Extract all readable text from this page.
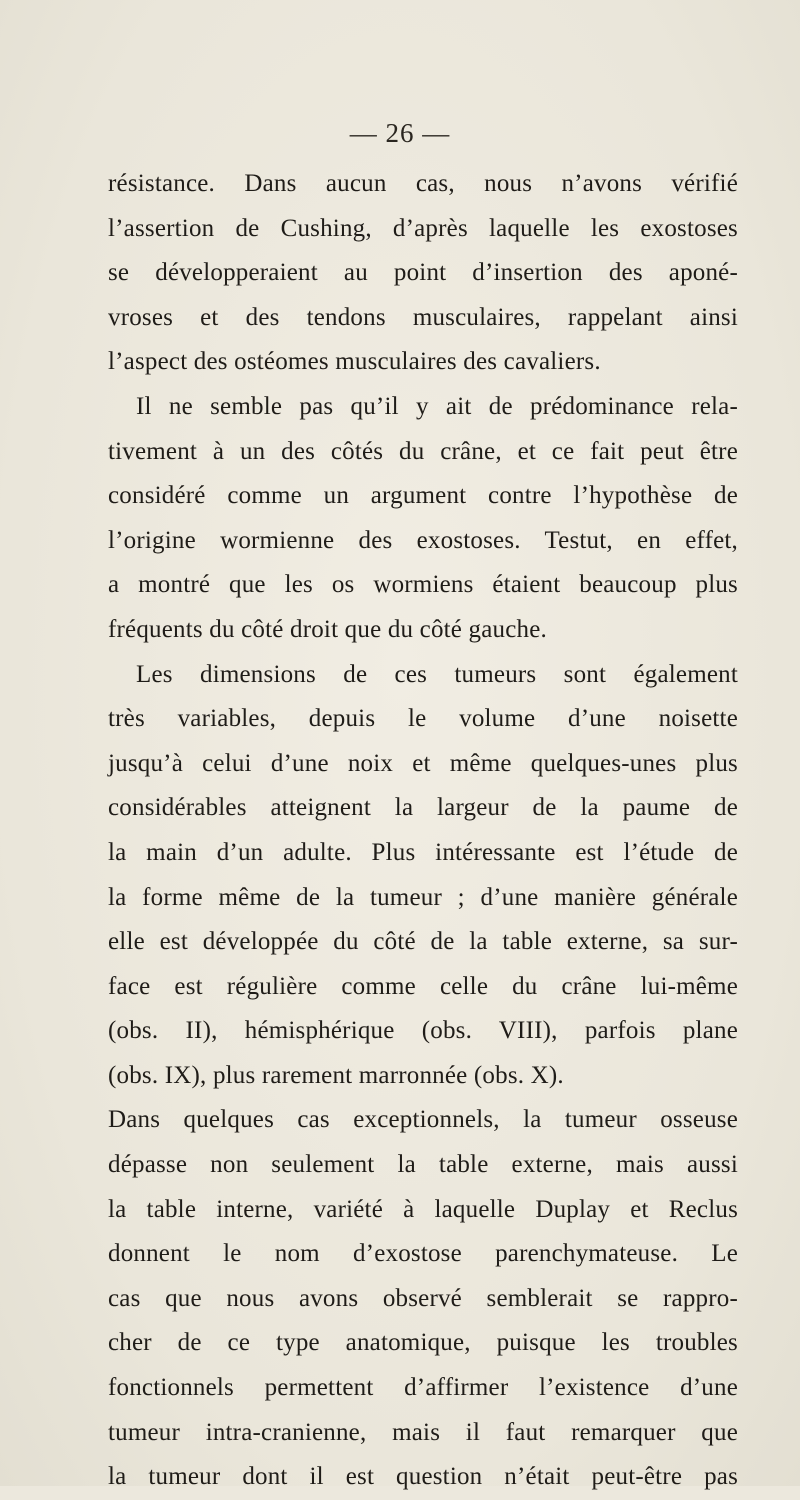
— 26 —
résistance. Dans aucun cas, nous n’avons vérifié
l’assertion de Cushing, d’après laquelle les exostoses
se développeraient au point d’insertion des aponé-
vroses et des tendons musculaires, rappelant ainsi
l’aspect des ostéomes musculaires des cavaliers.
Il ne semble pas qu’il y ait de prédominance rela-
tivement à un des côtés du crâne, et ce fait peut être
considéré comme un argument contre l’hypothèse de
l’origine wormienne des exostoses. Testut, en effet,
a montré que les os wormiens étaient beaucoup plus
fréquents du côté droit que du côté gauche.
Les dimensions de ces tumeurs sont également
très variables, depuis le volume d’une noisette
jusqu’à celui d’une noix et même quelques-unes plus
considérables atteignent la largeur de la paume de
la main d’un adulte. Plus intéressante est l’étude de
la forme même de la tumeur ; d’une manière générale
elle est développée du côté de la table externe, sa sur-
face est régulière comme celle du crâne lui-même
(obs. II), hémisphérique (obs. VIII), parfois plane
(obs. IX), plus rarement marronnée (obs. X).
Dans quelques cas exceptionnels, la tumeur osseuse
dépasse non seulement la table externe, mais aussi
la table interne, variété à laquelle Duplay et Reclus
donnent le nom d’exostose parenchymateuse. Le
cas que nous avons observé semblerait se rappro-
cher de ce type anatomique, puisque les troubles
fonctionnels permettent d’affirmer l’existence d’une
tumeur intra-cranienne, mais il faut remarquer que
la tumeur dont il est question n’était peut-être pas
